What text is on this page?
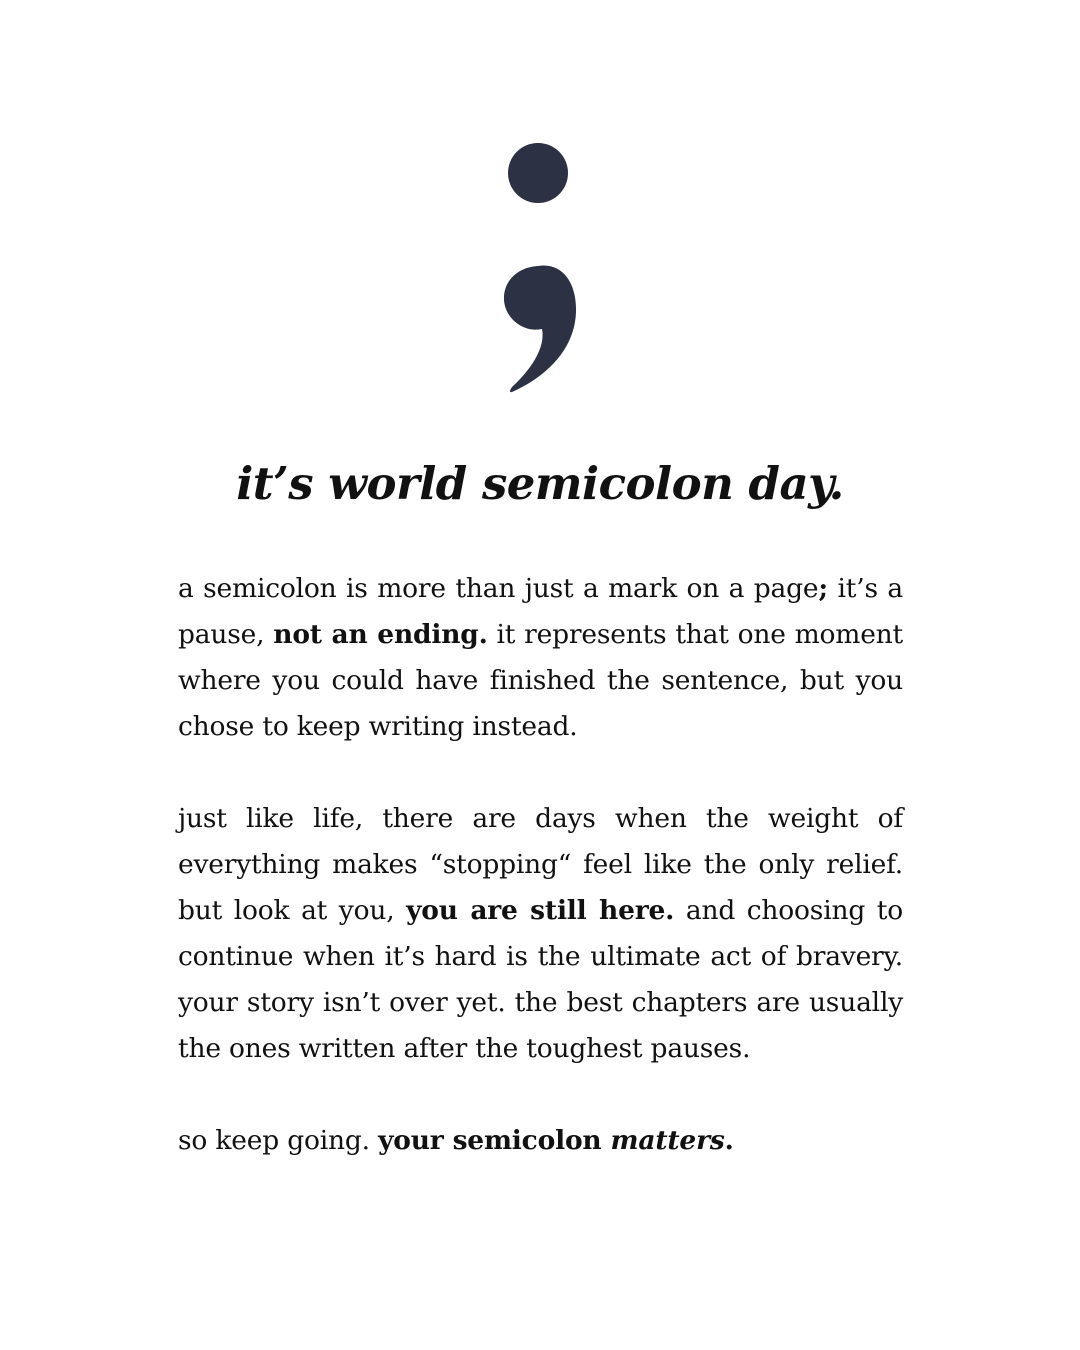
it’s world semicolon day.

a semicolon is more than just a mark on a page; it’s a pause, not an ending. it represents that one moment where you could have finished the sentence, but you chose to keep writing instead.

just like life, there are days when the weight of everything makes “stopping“ feel like the only relief. but look at you, you are still here. and choosing to continue when it’s hard is the ultimate act of bravery. your story isn’t over yet. the best chapters are usually the ones written after the toughest pauses.

so keep going. your semicolon matters.
